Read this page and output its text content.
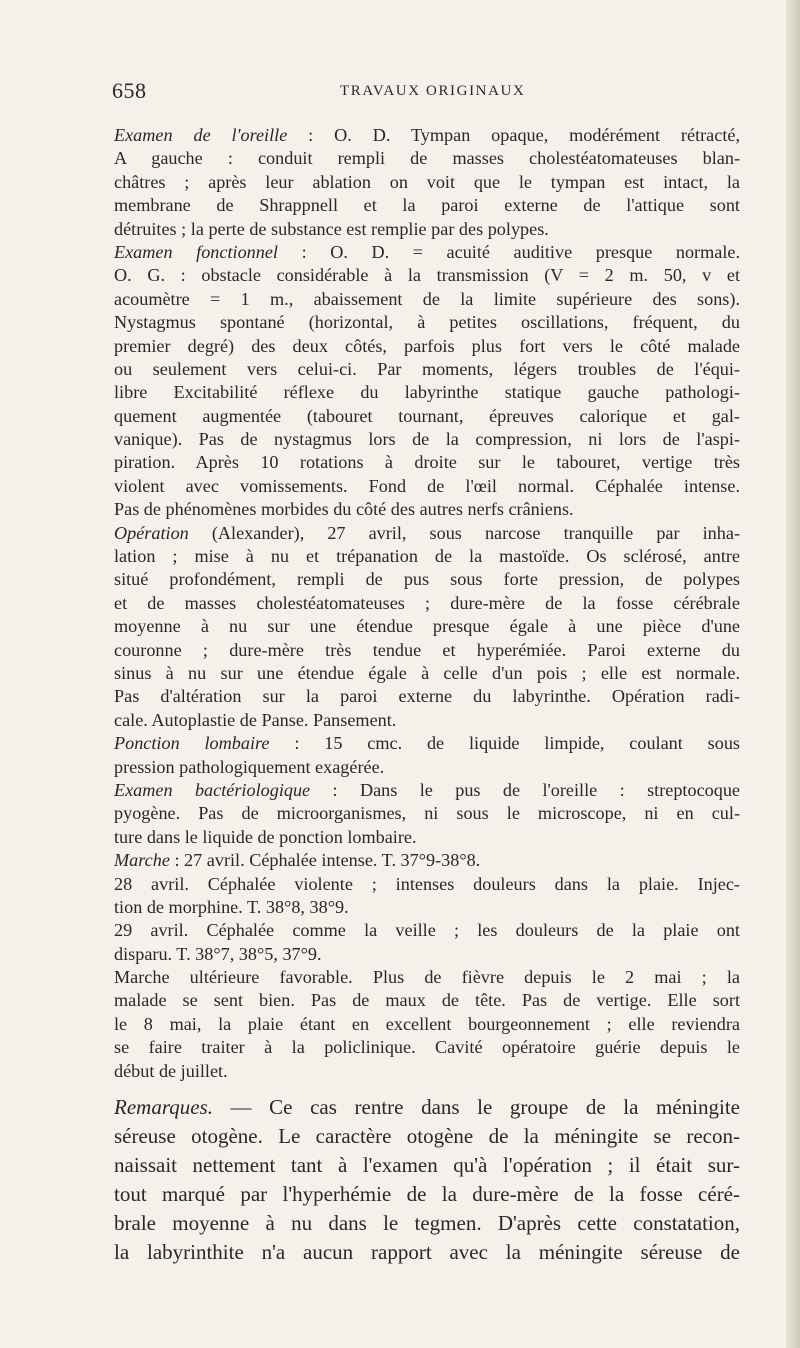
658	TRAVAUX ORIGINAUX
Examen de l'oreille : O. D. Tympan opaque, modérément rétracté,
A gauche : conduit rempli de masses cholestéatomateuses blan-
châtres ; après leur ablation on voit que le tympan est intact, la
membrane de Shrappnell et la paroi externe de l'attique sont
détruites ; la perte de substance est remplie par des polypes.
Examen fonctionnel : O. D. = acuité auditive presque normale.
O. G. : obstacle considérable à la transmission (V = 2 m. 50, v et
acoumètre = 1 m., abaissement de la limite supérieure des sons).
Nystagmus spontané (horizontal, à petites oscillations, fréquent, du
premier degré) des deux côtés, parfois plus fort vers le côté malade
ou seulement vers celui-ci. Par moments, légers troubles de l'équi-
libre Excitabilité réflexe du labyrinthe statique gauche pathologi-
quement augmentée (tabouret tournant, épreuves calorique et gal-
vanique). Pas de nystagmus lors de la compression, ni lors de l'aspi-
piration. Après 10 rotations à droite sur le tabouret, vertige très
violent avec vomissements. Fond de l'œil normal. Céphalée intense.
Pas de phénomènes morbides du côté des autres nerfs crâniens.
Opération (Alexander), 27 avril, sous narcose tranquille par inha-
lation ; mise à nu et trépanation de la mastoïde. Os sclérosé, antre
situé profondément, rempli de pus sous forte pression, de polypes
et de masses cholestéatomateuses ; dure-mère de la fosse cérébrale
moyenne à nu sur une étendue presque égale à une pièce d'une
couronne ; dure-mère très tendue et hyperémiée. Paroi externe du
sinus à nu sur une étendue égale à celle d'un pois ; elle est normale.
Pas d'altération sur la paroi externe du labyrinthe. Opération radi-
cale. Autoplastie de Panse. Pansement.
Ponction lombaire : 15 cmc. de liquide limpide, coulant sous
pression pathologiquement exagérée.
Examen bactériologique : Dans le pus de l'oreille : streptocoque
pyogène. Pas de microorganismes, ni sous le microscope, ni en cul-
ture dans le liquide de ponction lombaire.
Marche : 27 avril. Céphalée intense. T. 37°9-38°8.
28 avril. Céphalée violente ; intenses douleurs dans la plaie. Injec-
tion de morphine. T. 38°8, 38°9.
29 avril. Céphalée comme la veille ; les douleurs de la plaie ont
disparu. T. 38°7, 38°5, 37°9.
Marche ultérieure favorable. Plus de fièvre depuis le 2 mai ; la
malade se sent bien. Pas de maux de tête. Pas de vertige. Elle sort
le 8 mai, la plaie étant en excellent bourgeonnement ; elle reviendra
se faire traiter à la policlinique. Cavité opératoire guérie depuis le
début de juillet.
Remarques. — Ce cas rentre dans le groupe de la méningite
séreuse otogène. Le caractère otogène de la méningite se recon-
naissait nettement tant à l'examen qu'à l'opération ; il était sur-
tout marqué par l'hyperhémie de la dure-mère de la fosse céré-
brale moyenne à nu dans le tegmen. D'après cette constatation,
la labyrinthite n'a aucun rapport avec la méningite séreuse de
